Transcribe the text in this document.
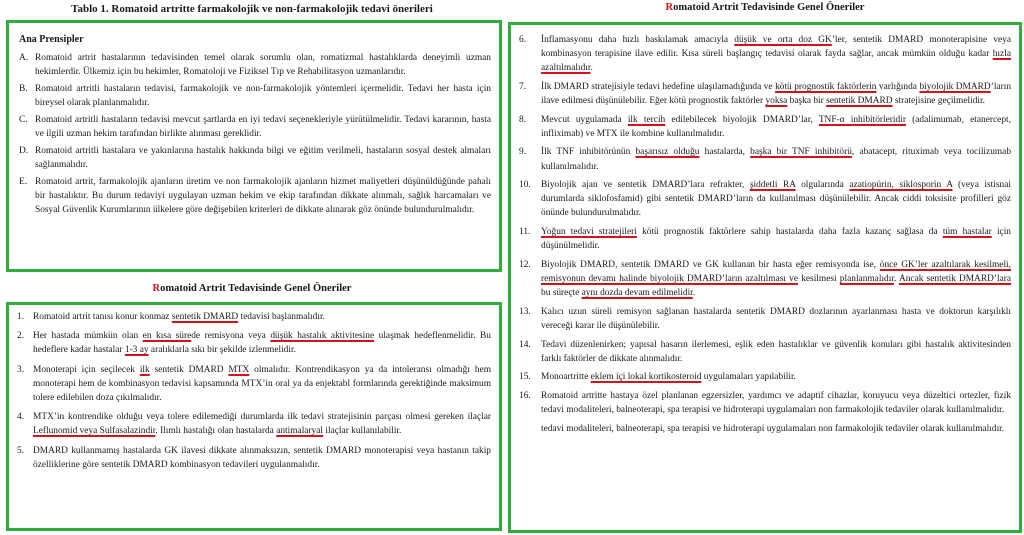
Tablo 1. Romatoid artritte farmakolojik ve non-farmakolojik tedavi önerileri
Ana Prensipler
A. Romatoid artrit hastalarının tedavisinden temel olarak sorumlu olan, romatizmal hastalıklarda deneyimli uzman hekimlerdir. Ülkemiz için bu hekimler, Romatoloji ve Fiziksel Tıp ve Rehabilitasyon uzmanlarıdır.
B. Romatoid artritli hastaların tedavisi, farmakolojik ve non-farmakolojik yöntemleri içermelidir. Tedavi her hasta için bireysel olarak planlanmalıdır.
C. Romatoid artritli hastaların tedavisi mevcut şartlarda en iyi tedavi seçenekleriyle yürütülmelidir. Tedavi kararının, hasta ve ilgili uzman hekim tarafından birlikte alınması gereklidir.
D. Romatoid artritli hastalara ve yakınlarına hastalık hakkında bilgi ve eğitim verilmeli, hastaların sosyal destek almaları sağlanmalıdır.
E. Romatoid artrit, farmakolojik ajanların üretim ve non farmakolojik ajanların hizmet maliyetleri düşünüldüğünde pahalı bir hastalıktır. Bu durum tedaviyi uygulayan uzman hekim ve ekip tarafından dikkate alınmalı, sağlık harcamaları ve Sosyal Güvenlik Kurumlarının ülkelere göre değişebilen kriterleri de dikkate alınarak göz önünde bulundurulmalıdır.
Romatoid Artrit Tedavisinde Genel Öneriler
1. Romatoid artrit tanısı konur konmaz sentetik DMARD tedavisi başlanmalıdır.
2. Her hastada mümkün olan en kısa sürede remisyona veya düşük hastalık aktivitesine ulaşmak hedeflenmelidir. Bu hedeflere kadar hastalar 1-3 ay aralıklarla sıkı bir şekilde izlenmelidir.
3. Monoterapi için seçilecek ilk sentetik DMARD MTX olmalıdır. Kontrendikasyon ya da intoleransı olmadığı hem monoterapi hem de kombinasyon tedavisi kapsamında MTX’in oral ya da enjektabl formlarında gerektiğinde maksimum tolere edilebilen doza çıkılmalıdır.
4. MTX’in kontrendike olduğu veya tolere edilemediği durumlarda ilk tedavi stratejisinin parçası olmesi gereken ilaçlar Leflunomid veya Sulfasalazindir. Ilımlı hastalığı olan hastalarda antimalaryal ilaçlar kullanılabilir.
5. DMARD kullanmamış hastalarda GK ilavesi dikkate alınmaksızın, sentetik DMARD monoterapisi veya hastanın takip özelliklerine göre sentetik DMARD kombinasyon tedavileri uygulanmalıdır.
Romatoid Artrit Tedavisinde Genel Öneriler
6. İnflamasyonu daha hızlı baskılamak amacıyla düşük ve orta doz GK’ler, sentetik DMARD monoterapisine veya kombinasyon terapisine ilave edilir. Kısa süreli başlangıç tedavisi olarak fayda sağlar, ancak mümkün olduğu kadar hızla azaltılmalıdır.
7. İlk DMARD stratejisiyle tedavi hedefine ulaşılamadığında ve kötü prognostik faktörlerin varlığında biyolojik DMARD’ların ilave edilmesi düşünülebilir. Eğer kötü prognostik faktörler yoksa başka bir sentetik DMARD stratejisine geçilmelidir.
8. Mevcut uygulamada ilk tercih edilebilecek biyolojik DMARD’lar, TNF-α inhibitörleridir (adalimumab, etanercept, infliximab) ve MTX ile kombine kullanılmalıdır.
9. İlk TNF inhibitörünün başarısız olduğu hastalarda, başka bir TNF inhibitörü, abatacept, rituximab veya tocilizumab kullanılmalıdır.
10. Biyolojik ajan ve sentetik DMARD’lara refrakter, şiddetli RA olgularında azatiopürin, siklosporin A (veya istisnai durumlarda siklofosfamid) gibi sentetik DMARD’ların da kullanılması düşünülebilir. Ancak ciddi toksisite profilleri göz önünde bulundurulmalıdır.
11. Yoğun tedavi stratejileri kötü prognostik faktörlere sahip hastalarda daha fazla kazanç sağlasa da tüm hastalar için düşünülmelidir.
12. Biyolojik DMARD, sentetik DMARD ve GK kullanan bir hasta eğer remisyonda ise, önce GK’ler azaltılarak kesilmeli, remisyonun devamı halinde biyolojik DMARD’ların azaltılması ve kesilmesi planlanmalıdır. Ancak sentetik DMARD’lara bu süreçte aynı dozda devam edilmelidir.
13. Kalıcı uzun süreli remisyon sağlanan hastalarda sentetik DMARD dozlarının ayarlanması hasta ve doktorun karşılıklı vereceği karar ile düşünülebilir.
14. Tedavi düzenlenirken; yapısal hasarın ilerlemesi, eşlik eden hastalıklar ve güvenlik konuları gibi hastalık aktivitesinden farklı faktörler de dikkate alınmalıdır.
15. Monoartritte eklem içi lokal kortikosteroid uygulamaları yapılabilir.
16. Romatoid artritte hastaya özel planlanan egzersizler, yardımcı ve adaptif cihazlar, koruyucu veya düzeltici ortezler, fizik tedavi modaliteleri, balneoterapi, spa terapisi ve hidroterapi uygulamaları non farmakolojik tedaviler olarak kullanılmalıdır.
tedavi modaliteleri, balneoterapi, spa terapisi ve hidroterapi uygulamaları non farmakolojik tedaviler olarak kullanılmalıdır.
